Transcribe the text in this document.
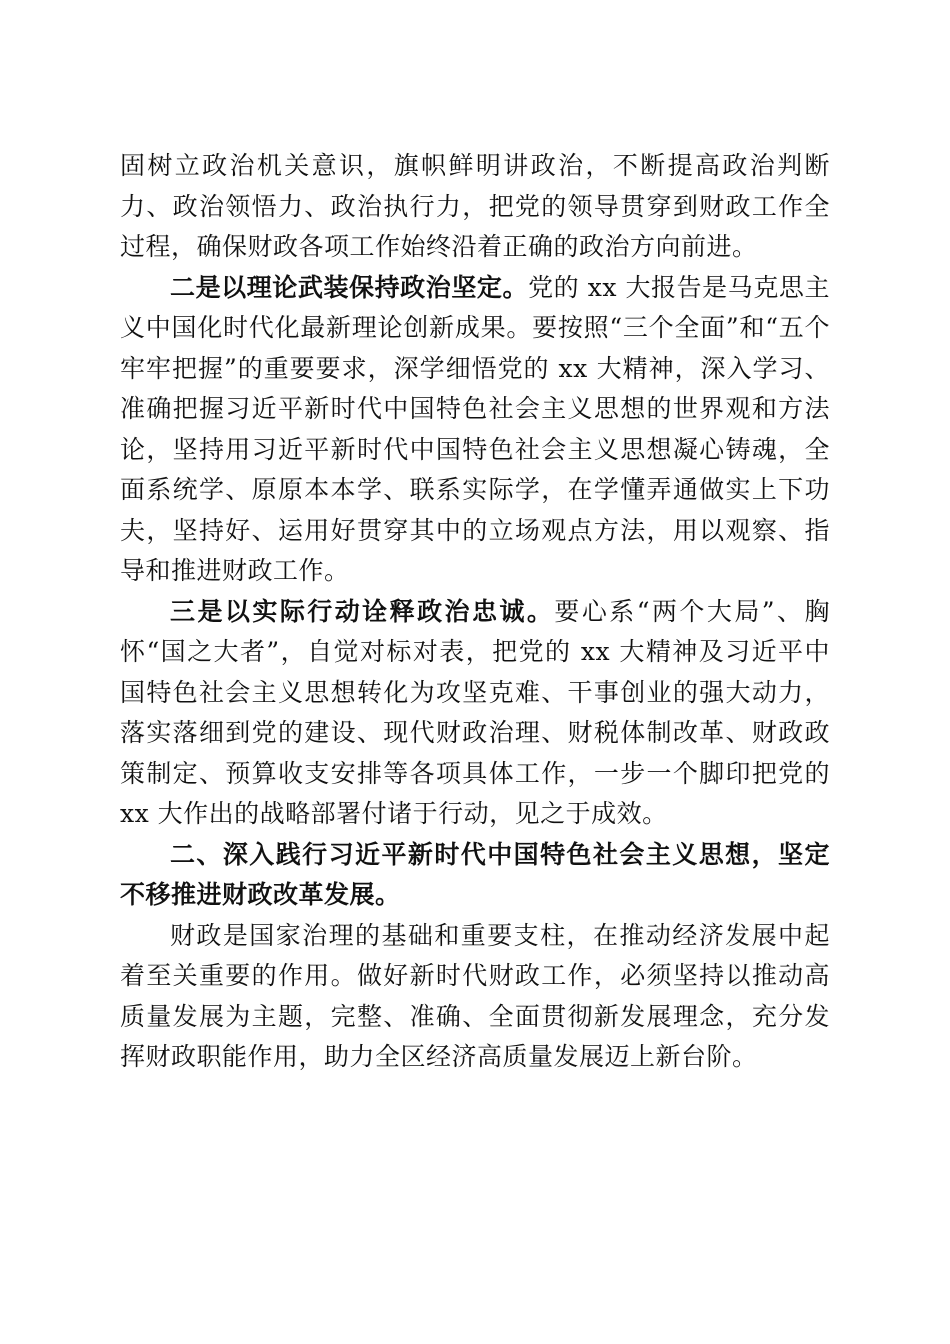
固树立政治机关意识，旗帜鲜明讲政治，不断提高政治判断力、政治领悟力、政治执行力，把党的领导贯穿到财政工作全过程，确保财政各项工作始终沿着正确的政治方向前进。

二是以理论武装保持政治坚定。党的 xx 大报告是马克思主义中国化时代化最新理论创新成果。要按照“三个全面”和“五个牢牢把握”的重要要求，深学细悟党的 xx 大精神，深入学习、准确把握习近平新时代中国特色社会主义思想的世界观和方法论，坚持用习近平新时代中国特色社会主义思想凝心铸魂，全面系统学、原原本本学、联系实际学，在学懂弄通做实上下功夫，坚持好、运用好贯穿其中的立场观点方法，用以观察、指导和推进财政工作。

三是以实际行动诠释政治忠诚。要心系“两个大局”、胸怀“国之大者”，自觉对标对表，把党的 xx 大精神及习近平中国特色社会主义思想转化为攻坚克难、干事创业的强大动力，落实落细到党的建设、现代财政治理、财税体制改革、财政政策制定、预算收支安排等各项具体工作，一步一个脚印把党的 xx 大作出的战略部署付诸于行动，见之于成效。

二、深入践行习近平新时代中国特色社会主义思想，坚定不移推进财政改革发展。

财政是国家治理的基础和重要支柱，在推动经济发展中起着至关重要的作用。做好新时代财政工作，必须坚持以推动高质量发展为主题，完整、准确、全面贯彻新发展理念，充分发挥财政职能作用，助力全区经济高质量发展迈上新台阶。
